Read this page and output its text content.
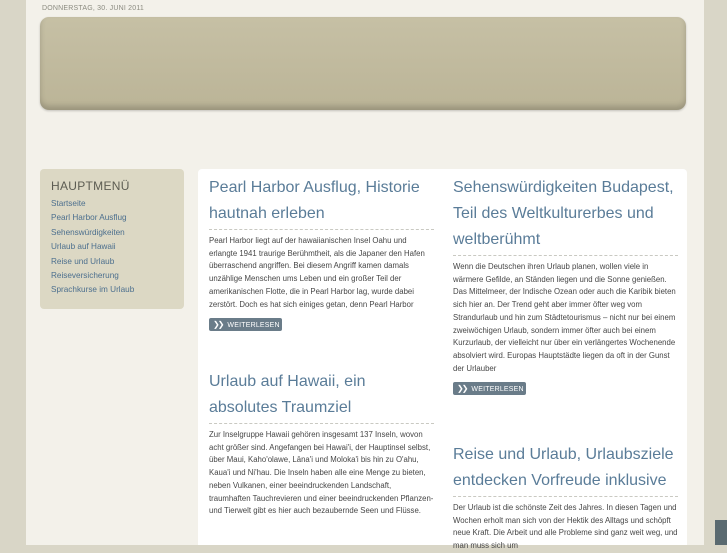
DONNERSTAG, 30. JUNI 2011
HAUPTMENÜ
Startseite
Pearl Harbor Ausflug
Sehenswürdigkeiten
Urlaub auf Hawaii
Reise und Urlaub
Reiseversicherung
Sprachkurse im Urlaub
Pearl Harbor Ausflug, Historie hautnah erleben

Pearl Harbor liegt auf der hawaiianischen Insel Oahu und erlangte 1941 traurige Berühmtheit, als die Japaner den Hafen überraschend angriffen. Bei diesem Angriff kamen damals unzählige Menschen ums Leben und ein großer Teil der amerikanischen Flotte, die in Pearl Harbor lag, wurde dabei zerstört. Doch es hat sich einiges getan, denn Pearl Harbor

❯❯ WEITERLESEN
Urlaub auf Hawaii, ein absolutes Traumziel

Zur Inselgruppe Hawaii gehören insgesamt 137 Inseln, wovon acht größer sind. Angefangen bei Hawai'i, der Hauptinsel selbst, über Maui, Kaho'olawe, Lāna'i und Moloka'i bis hin zu O'ahu, Kaua'i und Ni'hau. Die Inseln haben alle eine Menge zu bieten, neben Vulkanen, einer beeindruckenden Landschaft, traumhaften Tauchrevieren und einer beeindruckenden Pflanzen- und Tierwelt gibt es hier auch bezaubernde Seen und Flüsse.

Sehenswürdigkeiten Budapest, Teil des Weltkulturerbes und weltberühmt

Wenn die Deutschen ihren Urlaub planen, wollen viele in wärmere Gefilde, an Ständen liegen und die Sonne genießen. Das Mittelmeer, der Indische Ozean oder auch die Karibik bieten sich hier an. Der Trend geht aber immer öfter weg vom Strandurlaub und hin zum Städtetourismus – nicht nur bei einem zweiwöchigen Urlaub, sondern immer öfter auch bei einem Kurzurlaub, der vielleicht nur über ein verlängertes Wochenende absolviert wird. Europas Hauptstädte liegen da oft in der Gunst der Urlauber

❯❯ WEITERLESEN
Reise und Urlaub, Urlaubsziele entdecken Vorfreude inklusive

Der Urlaub ist die schönste Zeit des Jahres. In diesen Tagen und Wochen erholt man sich von der Hektik des Alltags und schöpft neue Kraft. Die Arbeit und alle Probleme sind ganz weit weg, und man muss sich um
